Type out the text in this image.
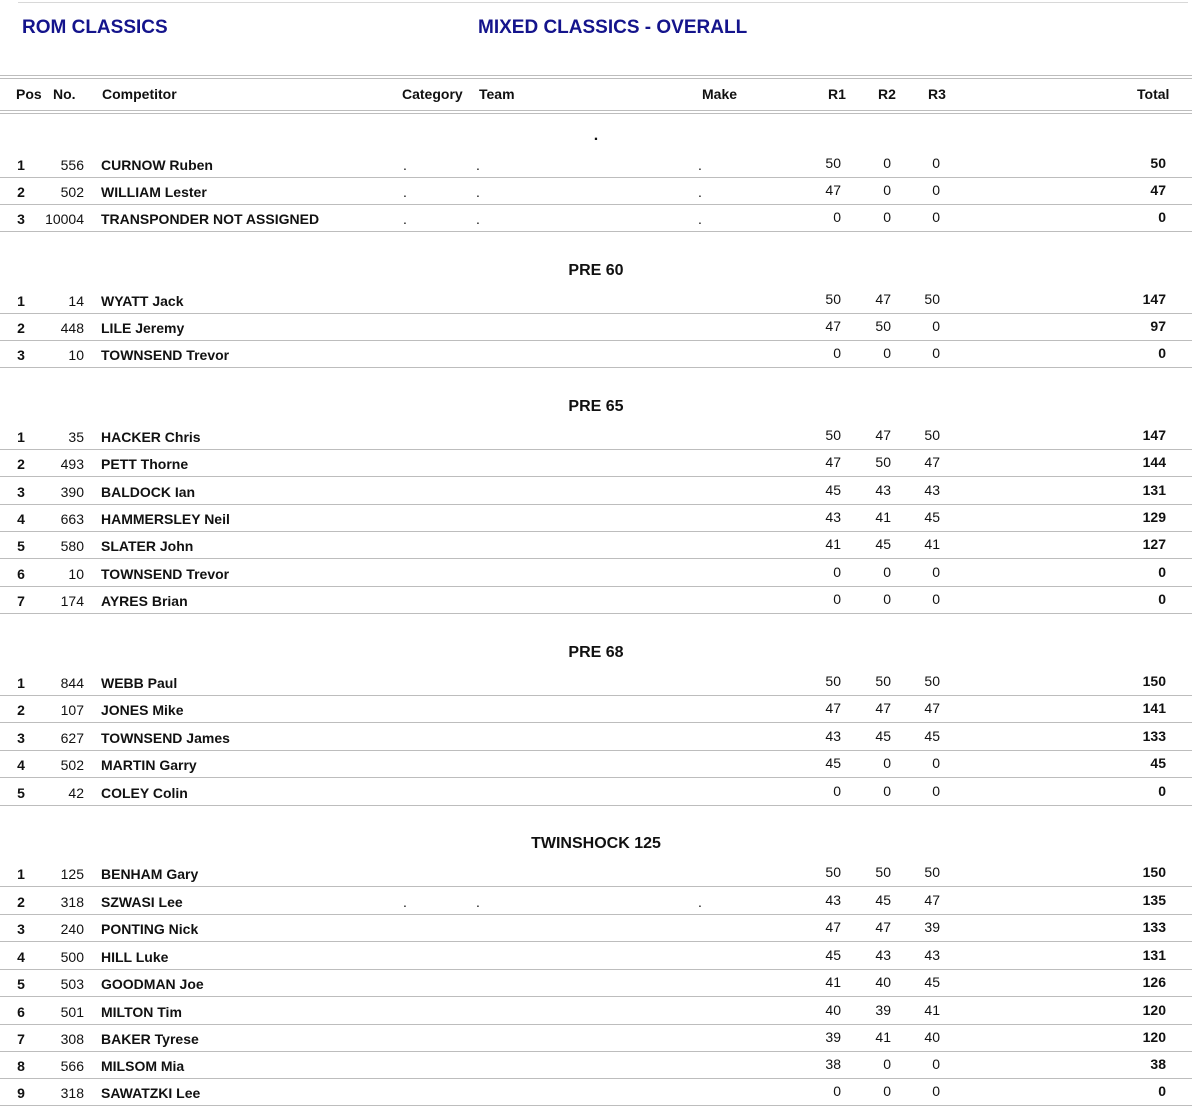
ROM CLASSICS	MIXED CLASSICS - OVERALL
Pos No. Competitor	Category Team	Make	R1 R2 R3	Total
.
1	556 CURNOW Ruben	.	.	.	50	0	0	50
2	502 WILLIAM Lester	.	.	.	47	0	0	47
3	10004 TRANSPONDER NOT ASSIGNED	.	.	.	0	0	0	0
PRE 60
1	14 WYATT Jack	50	47	50	147
2	448 LILE Jeremy	47	50	0	97
3	10 TOWNSEND Trevor	0	0	0	0
PRE 65
1	35 HACKER Chris	50	47	50	147
2	493 PETT Thorne	47	50	47	144
3	390 BALDOCK Ian	45	43	43	131
4	663 HAMMERSLEY Neil	43	41	45	129
5	580 SLATER John	41	45	41	127
6	10 TOWNSEND Trevor	0	0	0	0
7	174 AYRES Brian	0	0	0	0
PRE 68
1	844 WEBB Paul	50	50	50	150
2	107 JONES Mike	47	47	47	141
3	627 TOWNSEND James	43	45	45	133
4	502 MARTIN Garry	45	0	0	45
5	42 COLEY Colin	0	0	0	0
TWINSHOCK 125
1	125 BENHAM Gary	50	50	50	150
2	318 SZWASI Lee	.	.	.	43	45	47	135
3	240 PONTING Nick	47	47	39	133
4	500 HILL Luke	45	43	43	131
5	503 GOODMAN Joe	41	40	45	126
6	501 MILTON Tim	40	39	41	120
7	308 BAKER Tyrese	39	41	40	120
8	566 MILSOM Mia	38	0	0	38
9	318 SAWATZKI Lee	0	0	0	0
